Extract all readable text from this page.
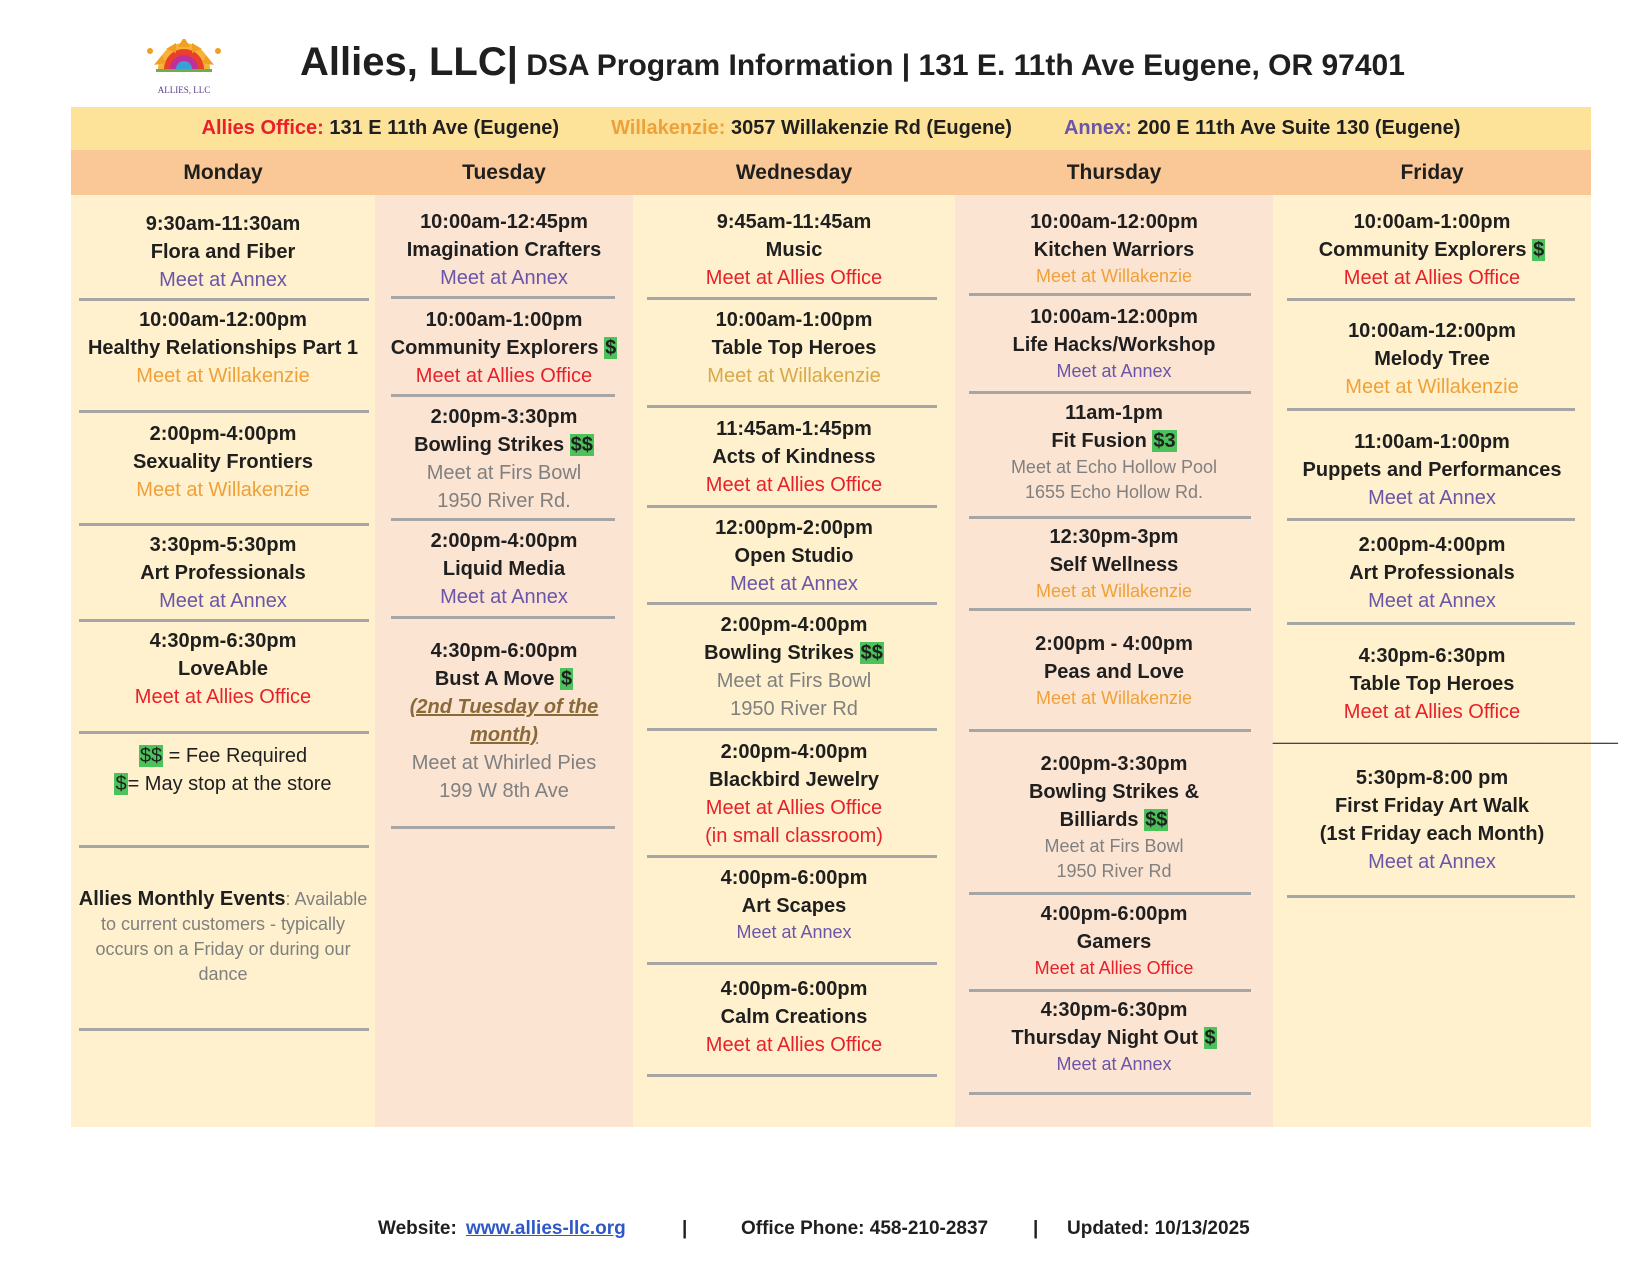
ALLIES, LLC
Allies, LLC| DSA Program Information | 131 E. 11th Ave Eugene, OR 97401
Allies Office: 131 E 11th Ave (Eugene)	Willakenzie: 3057 Willakenzie Rd (Eugene)	Annex: 200 E 11th Ave Suite 130 (Eugene)
Monday	Tuesday	Wednesday	Thursday	Friday
9:30am-11:30am
Flora and Fiber
Meet at Annex
10:00am-12:00pm
Healthy Relationships Part 1
Meet at Willakenzie
2:00pm-4:00pm
Sexuality Frontiers
Meet at Willakenzie
3:30pm-5:30pm
Art Professionals
Meet at Annex
4:30pm-6:30pm
LoveAble
Meet at Allies Office
$$ = Fee Required
$= May stop at the store
Allies Monthly Events: Available to current customers - typically occurs on a Friday or during our dance
10:00am-12:45pm
Imagination Crafters
Meet at Annex
10:00am-1:00pm
Community Explorers $
Meet at Allies Office
2:00pm-3:30pm
Bowling Strikes $$
Meet at Firs Bowl
1950 River Rd.
2:00pm-4:00pm
Liquid Media
Meet at Annex
4:30pm-6:00pm
Bust A Move $
(2nd Tuesday of the
month)
Meet at Whirled Pies
199 W 8th Ave
9:45am-11:45am
Music
Meet at Allies Office
10:00am-1:00pm
Table Top Heroes
Meet at Willakenzie
11:45am-1:45pm
Acts of Kindness
Meet at Allies Office
12:00pm-2:00pm
Open Studio
Meet at Annex
2:00pm-4:00pm
Bowling Strikes $$
Meet at Firs Bowl
1950 River Rd
2:00pm-4:00pm
Blackbird Jewelry
Meet at Allies Office
(in small classroom)
4:00pm-6:00pm
Art Scapes
Meet at Annex
4:00pm-6:00pm
Calm Creations
Meet at Allies Office
10:00am-12:00pm
Kitchen Warriors
Meet at Willakenzie
10:00am-12:00pm
Life Hacks/Workshop
Meet at Annex
11am-1pm
Fit Fusion $3
Meet at Echo Hollow Pool
1655 Echo Hollow Rd.
12:30pm-3pm
Self Wellness
Meet at Willakenzie
2:00pm - 4:00pm
Peas and Love
Meet at Willakenzie
2:00pm-3:30pm
Bowling Strikes &
Billiards $$
Meet at Firs Bowl
1950 River Rd
4:00pm-6:00pm
Gamers
Meet at Allies Office
4:30pm-6:30pm
Thursday Night Out $
Meet at Annex
10:00am-1:00pm
Community Explorers $
Meet at Allies Office
10:00am-12:00pm
Melody Tree
Meet at Willakenzie
11:00am-1:00pm
Puppets and Performances
Meet at Annex
2:00pm-4:00pm
Art Professionals
Meet at Annex
4:30pm-6:30pm
Table Top Heroes
Meet at Allies Office
_______________________________
5:30pm-8:00 pm
First Friday Art Walk
(1st Friday each Month)
Meet at Annex
Website: www.allies-llc.org	|	Office Phone: 458-210-2837 | Updated: 10/13/2025
